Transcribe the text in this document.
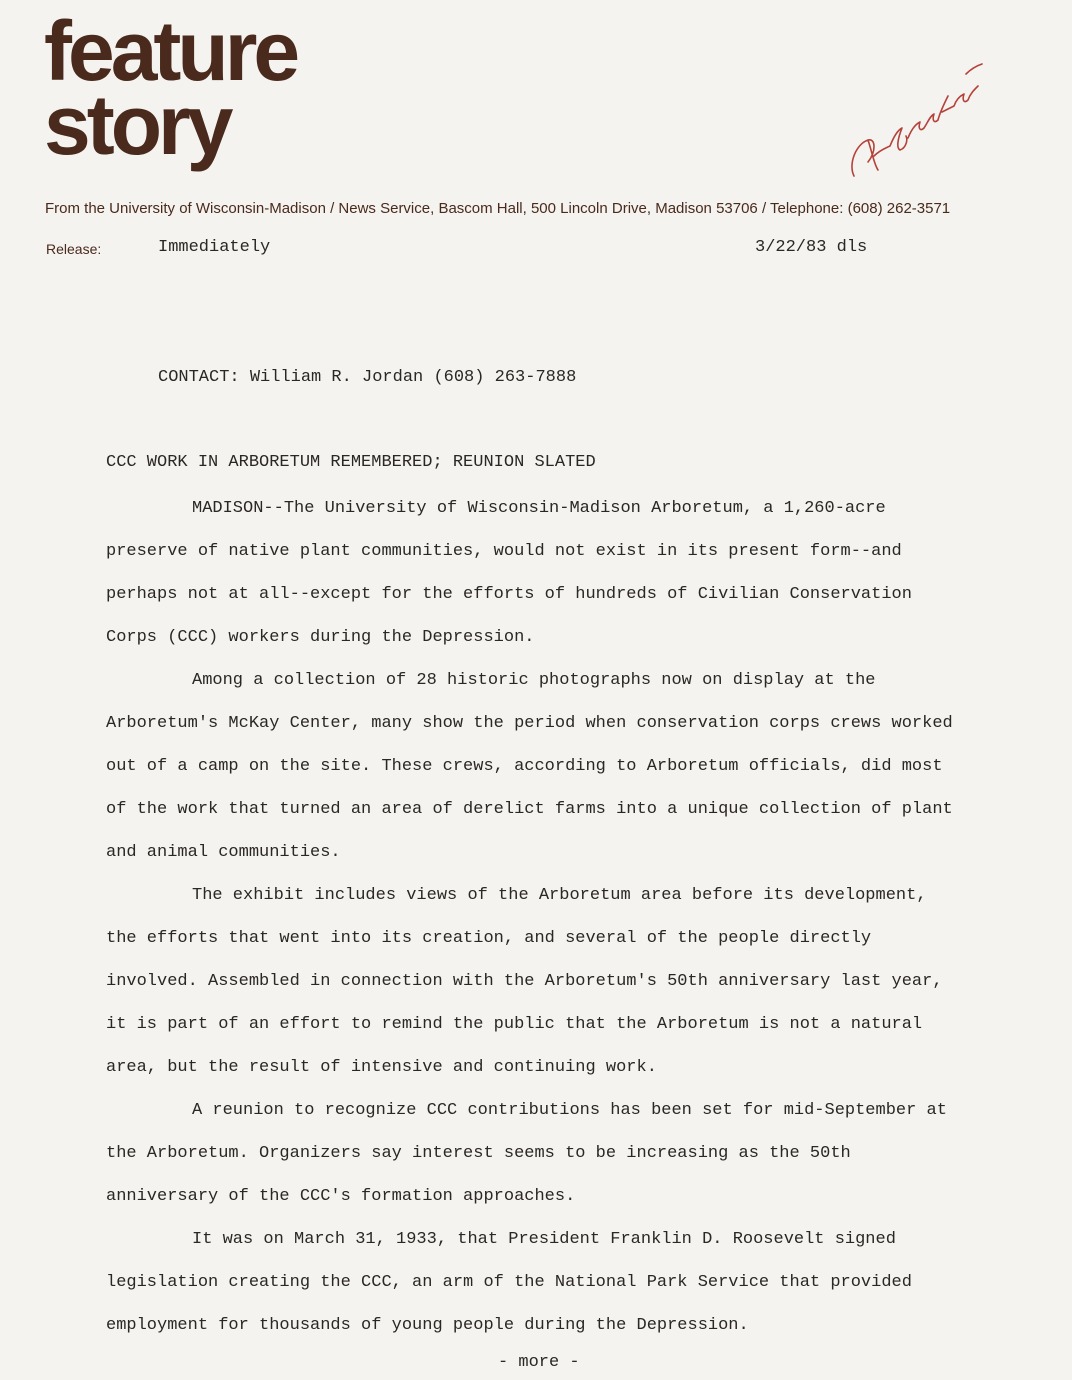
feature
story
From the University of Wisconsin-Madison / News Service, Bascom Hall, 500 Lincoln Drive, Madison 53706 / Telephone: (608) 262-3571
Release:	Immediately	3/22/83 dls
CONTACT: William R. Jordan (608) 263-7888
CCC WORK IN ARBORETUM REMEMBERED; REUNION SLATED

MADISON--The University of Wisconsin-Madison Arboretum, a 1,260-acre
preserve of native plant communities, would not exist in its present form--and
perhaps not at all--except for the efforts of hundreds of Civilian Conservation
Corps (CCC) workers during the Depression.

Among a collection of 28 historic photographs now on display at the
Arboretum's McKay Center, many show the period when conservation corps crews worked
out of a camp on the site. These crews, according to Arboretum officials, did most
of the work that turned an area of derelict farms into a unique collection of plant
and animal communities.

The exhibit includes views of the Arboretum area before its development,
the efforts that went into its creation, and several of the people directly
involved. Assembled in connection with the Arboretum's 50th anniversary last year,
it is part of an effort to remind the public that the Arboretum is not a natural
area, but the result of intensive and continuing work.

A reunion to recognize CCC contributions has been set for mid-September at
the Arboretum. Organizers say interest seems to be increasing as the 50th
anniversary of the CCC's formation approaches.

It was on March 31, 1933, that President Franklin D. Roosevelt signed
legislation creating the CCC, an arm of the National Park Service that provided
employment for thousands of young people during the Depression.

- more -
